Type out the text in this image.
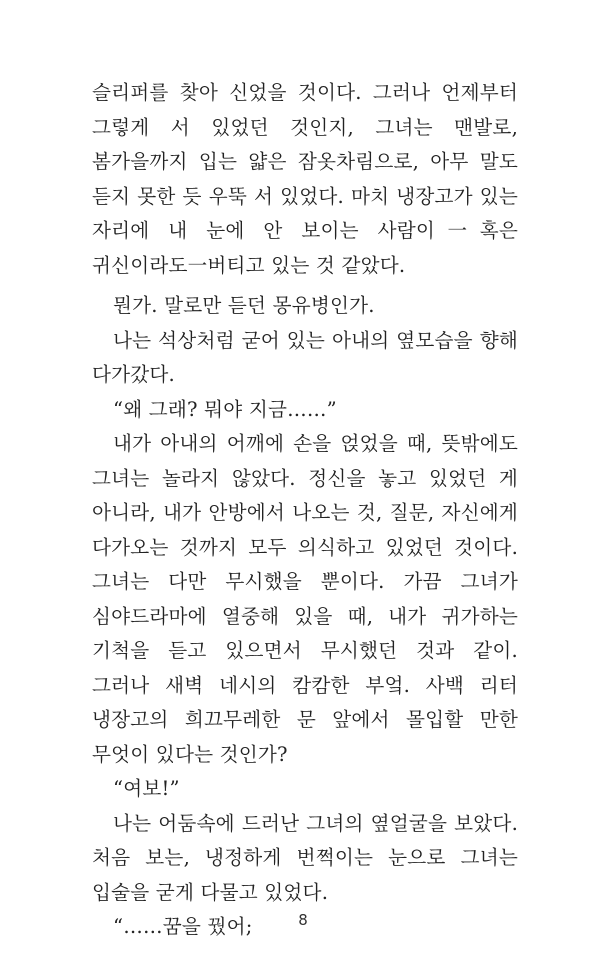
슬리퍼를 찾아 신었을 것이다. 그러나 언제부터 그렇게 서 있었던 것인지, 그녀는 맨발로, 봄가을까지 입는 얇은 잠옷차림으로, 아무 말도 듣지 못한 듯 우뚝 서 있었다. 마치 냉장고가 있는 자리에 내 눈에 안 보이는 사람이一혹은 귀신이라도一버티고 있는 것 같았다.

뭔가. 말로만 듣던 몽유병인가.

나는 석상처럼 굳어 있는 아내의 옆모습을 향해 다가갔다.

“왜 그래? 뭐야 지금……”

내가 아내의 어깨에 손을 얹었을 때, 뜻밖에도 그녀는 놀라지 않았다. 정신을 놓고 있었던 게 아니라, 내가 안방에서 나오는 것, 질문, 자신에게 다가오는 것까지 모두 의식하고 있었던 것이다. 그녀는 다만 무시했을 뿐이다. 가끔 그녀가 심야드라마에 열중해 있을 때, 내가 귀가하는 기척을 듣고 있으면서 무시했던 것과 같이. 그러나 새벽 네시의 캄캄한 부엌. 사백 리터 냉장고의 희끄무레한 문 앞에서 몰입할 만한 무엇이 있다는 것인가?

“여보!”

나는 어둠속에 드러난 그녀의 옆얼굴을 보았다. 처음 보는, 냉정하게 번쩍이는 눈으로 그녀는 입술을 굳게 다물고 있었다.

“……꿈을 꿨어;	8
